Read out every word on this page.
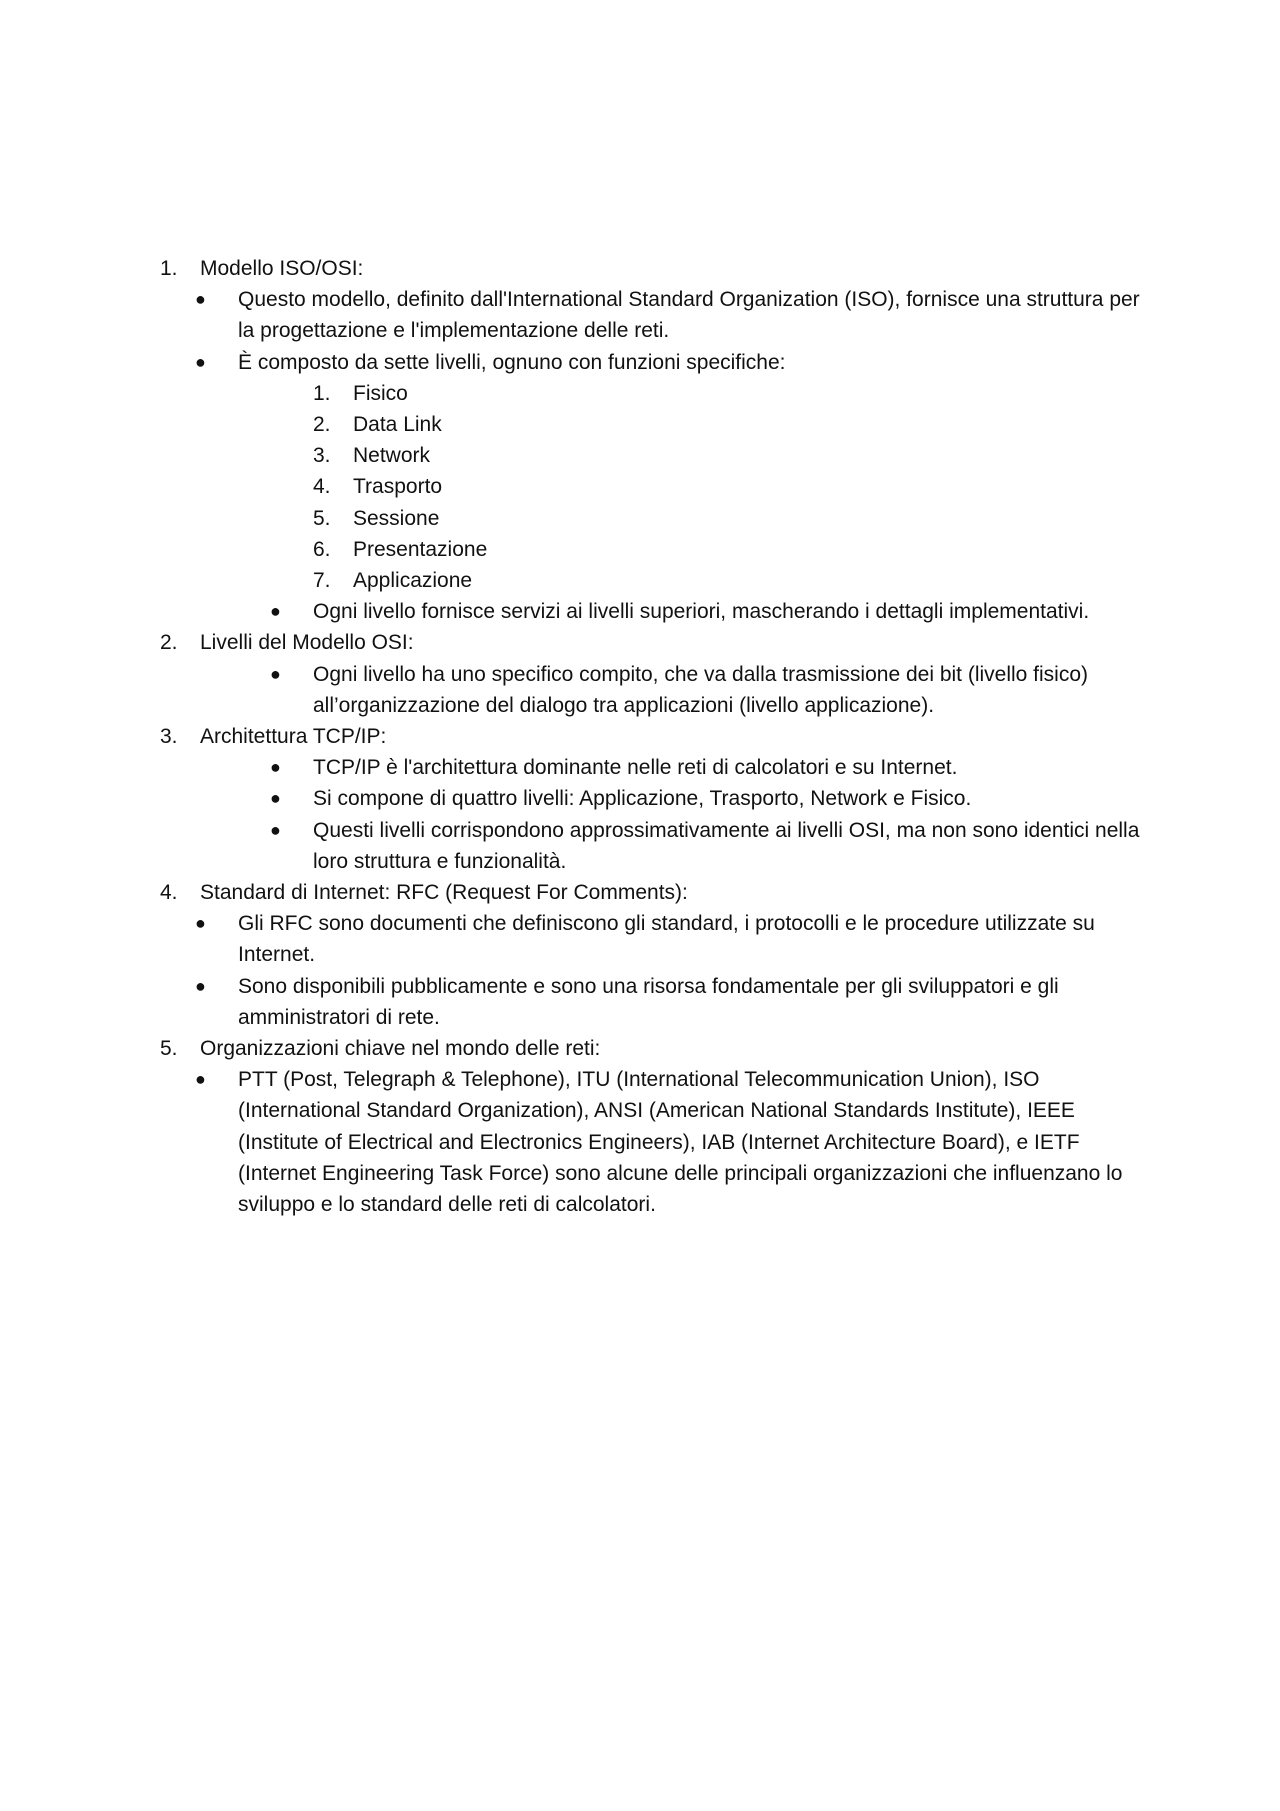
1. Modello ISO/OSI:
● Questo modello, definito dall'International Standard Organization (ISO), fornisce una struttura per la progettazione e l'implementazione delle reti.
● È composto da sette livelli, ognuno con funzioni specifiche:
1. Fisico
2. Data Link
3. Network
4. Trasporto
5. Sessione
6. Presentazione
7. Applicazione
● Ogni livello fornisce servizi ai livelli superiori, mascherando i dettagli implementativi.
2. Livelli del Modello OSI:
● Ogni livello ha uno specifico compito, che va dalla trasmissione dei bit (livello fisico) all’organizzazione del dialogo tra applicazioni (livello applicazione).
3. Architettura TCP/IP:
● TCP/IP è l'architettura dominante nelle reti di calcolatori e su Internet.
● Si compone di quattro livelli: Applicazione, Trasporto, Network e Fisico.
● Questi livelli corrispondono approssimativamente ai livelli OSI, ma non sono identici nella loro struttura e funzionalità.
4. Standard di Internet: RFC (Request For Comments):
● Gli RFC sono documenti che definiscono gli standard, i protocolli e le procedure utilizzate su Internet.
● Sono disponibili pubblicamente e sono una risorsa fondamentale per gli sviluppatori e gli amministratori di rete.
5. Organizzazioni chiave nel mondo delle reti:
● PTT (Post, Telegraph & Telephone), ITU (International Telecommunication Union), ISO (International Standard Organization), ANSI (American National Standards Institute), IEEE (Institute of Electrical and Electronics Engineers), IAB (Internet Architecture Board), e IETF (Internet Engineering Task Force) sono alcune delle principali organizzazioni che influenzano lo sviluppo e lo standard delle reti di calcolatori.
